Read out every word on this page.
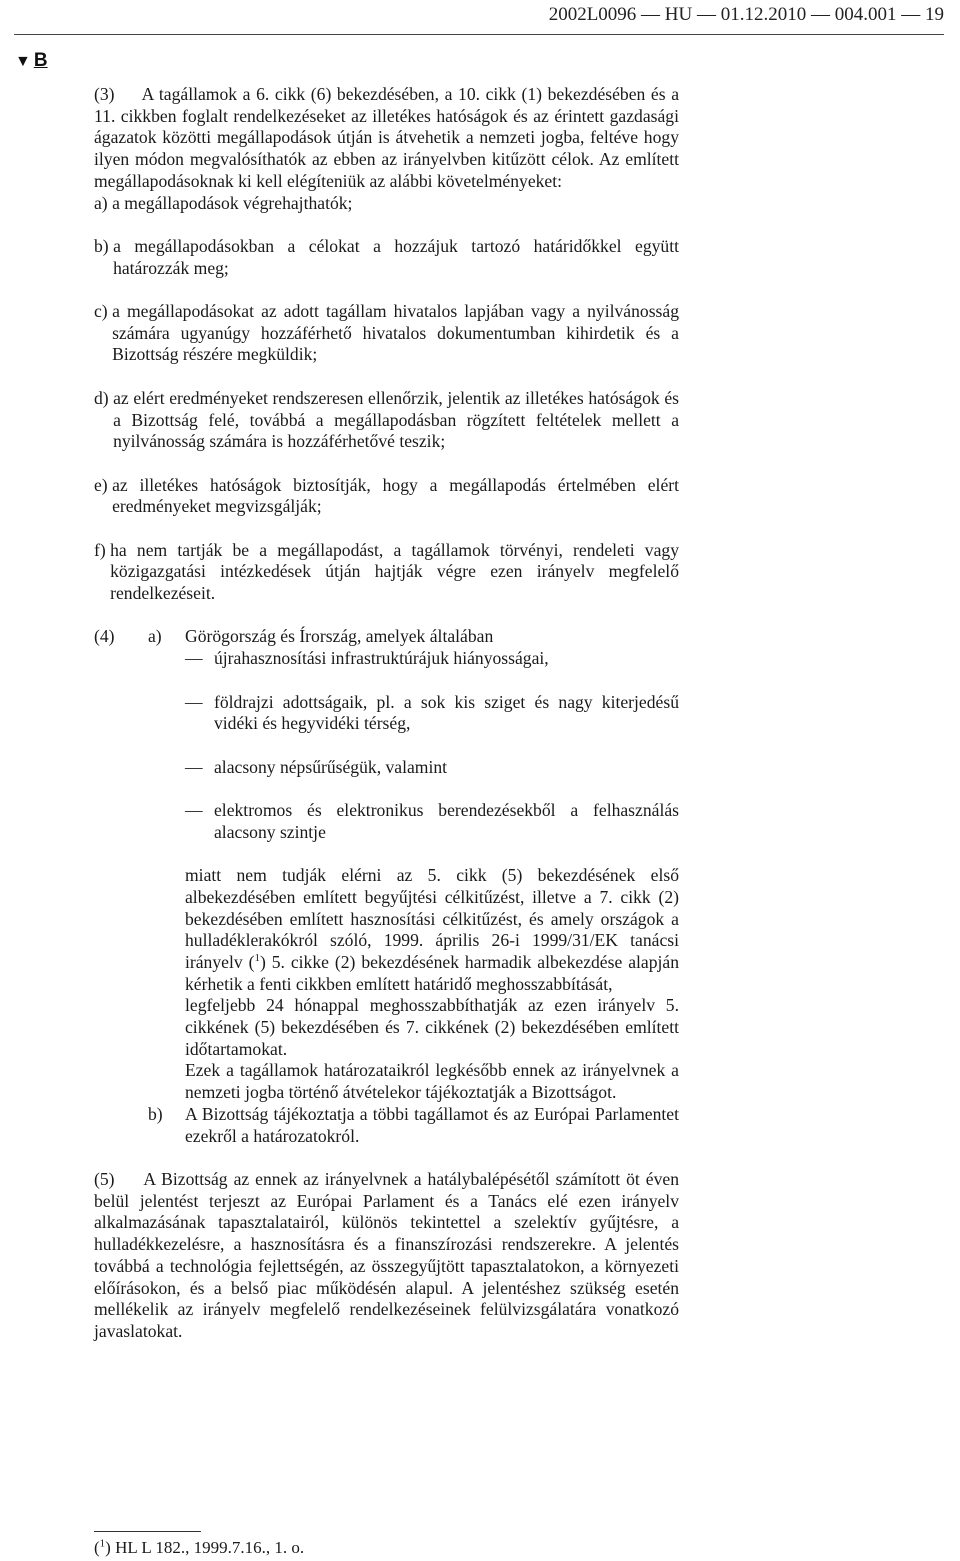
2002L0096 — HU — 01.12.2010 — 004.001 — 19
▼ B

(3)     A tagállamok a 6. cikk (6) bekezdésében, a 10. cikk (1) bekezdésében és a 11. cikkben foglalt rendelkezéseket az illetékes hatóságok és az érintett gazdasági ágazatok közötti megállapodások útján is átvehetik a nemzeti jogba, feltéve hogy ilyen módon megvalósíthatók az ebben az irányelvben kitűzött célok. Az említett megállapodásoknak ki kell elégíteniük az alábbi követelményeket:

a) a megállapodások végrehajthatók;
b) a megállapodásokban a célokat a hozzájuk tartozó határidőkkel együtt határozzák meg;
c) a megállapodásokat az adott tagállam hivatalos lapjában vagy a nyilvánosság számára ugyanúgy hozzáférhető hivatalos dokumentumban kihirdetik és a Bizottság részére megküldik;
d) az elért eredményeket rendszeresen ellenőrzik, jelentik az illetékes hatóságok és a Bizottság felé, továbbá a megállapodásban rögzített feltételek mellett a nyilvánosság számára is hozzáférhetővé teszik;
e) az illetékes hatóságok biztosítják, hogy a megállapodás értelmében elért eredményeket megvizsgálják;
f) ha nem tartják be a megállapodást, a tagállamok törvényi, rendeleti vagy közigazgatási intézkedések útján hajtják végre ezen irányelv megfelelő rendelkezéseit.
(4)	a)	Görögország és Írország, amelyek általában

— újrahasznosítási infrastruktúrájuk hiányosságai,
— földrajzi adottságaik, pl. a sok kis sziget és nagy kiterjedésű vidéki és hegyvidéki térség,
— alacsony népsűrűségük, valamint
— elektromos és elektronikus berendezésekből a felhasználás alacsony szintje

miatt nem tudják elérni az 5. cikk (5) bekezdésének első albekezdésében említett begyűjtési célkitűzést, illetve a 7. cikk (2) bekezdésében említett hasznosítási célkitűzést, és amely országok a hulladéklerakókról szóló, 1999. április 26-i 1999/31/EK tanácsi irányelv ($^1$) 5. cikke (2) bekezdésének harmadik albekezdése alapján kérhetik a fenti cikkben említett határidő meghosszabbítását,

legfeljebb 24 hónappal meghosszabbíthatják az ezen irányelv 5. cikkének (5) bekezdésében és 7. cikkének (2) bekezdésében említett időtartamokat.

Ezek a tagállamok határozataikról legkésőbb ennek az irányelvnek a nemzeti jogba történő átvételekor tájékoztatják a Bizottságot.

b)	A Bizottság tájékoztatja a többi tagállamot és az Európai Parlamentet ezekről a határozatokról.

(5)     A Bizottság az ennek az irányelvnek a hatálybalépésétől számított öt éven belül jelentést terjeszt az Európai Parlament és a Tanács elé ezen irányelv alkalmazásának tapasztalatairól, különös tekintettel a szelektív gyűjtésre, a hulladékkezelésre, a hasznosításra és a finanszírozási rendszerekre. A jelentés továbbá a technológia fejlettségén, az összegyűjtött tapasztalatokon, a környezeti előírásokon, és a belső piac működésén alapul. A jelentéshez szükség esetén mellékelik az irányelv megfelelő rendelkezéseinek felülvizsgálatára vonatkozó javaslatokat.

($^1$) HL L 182., 1999.7.16., 1. o.
